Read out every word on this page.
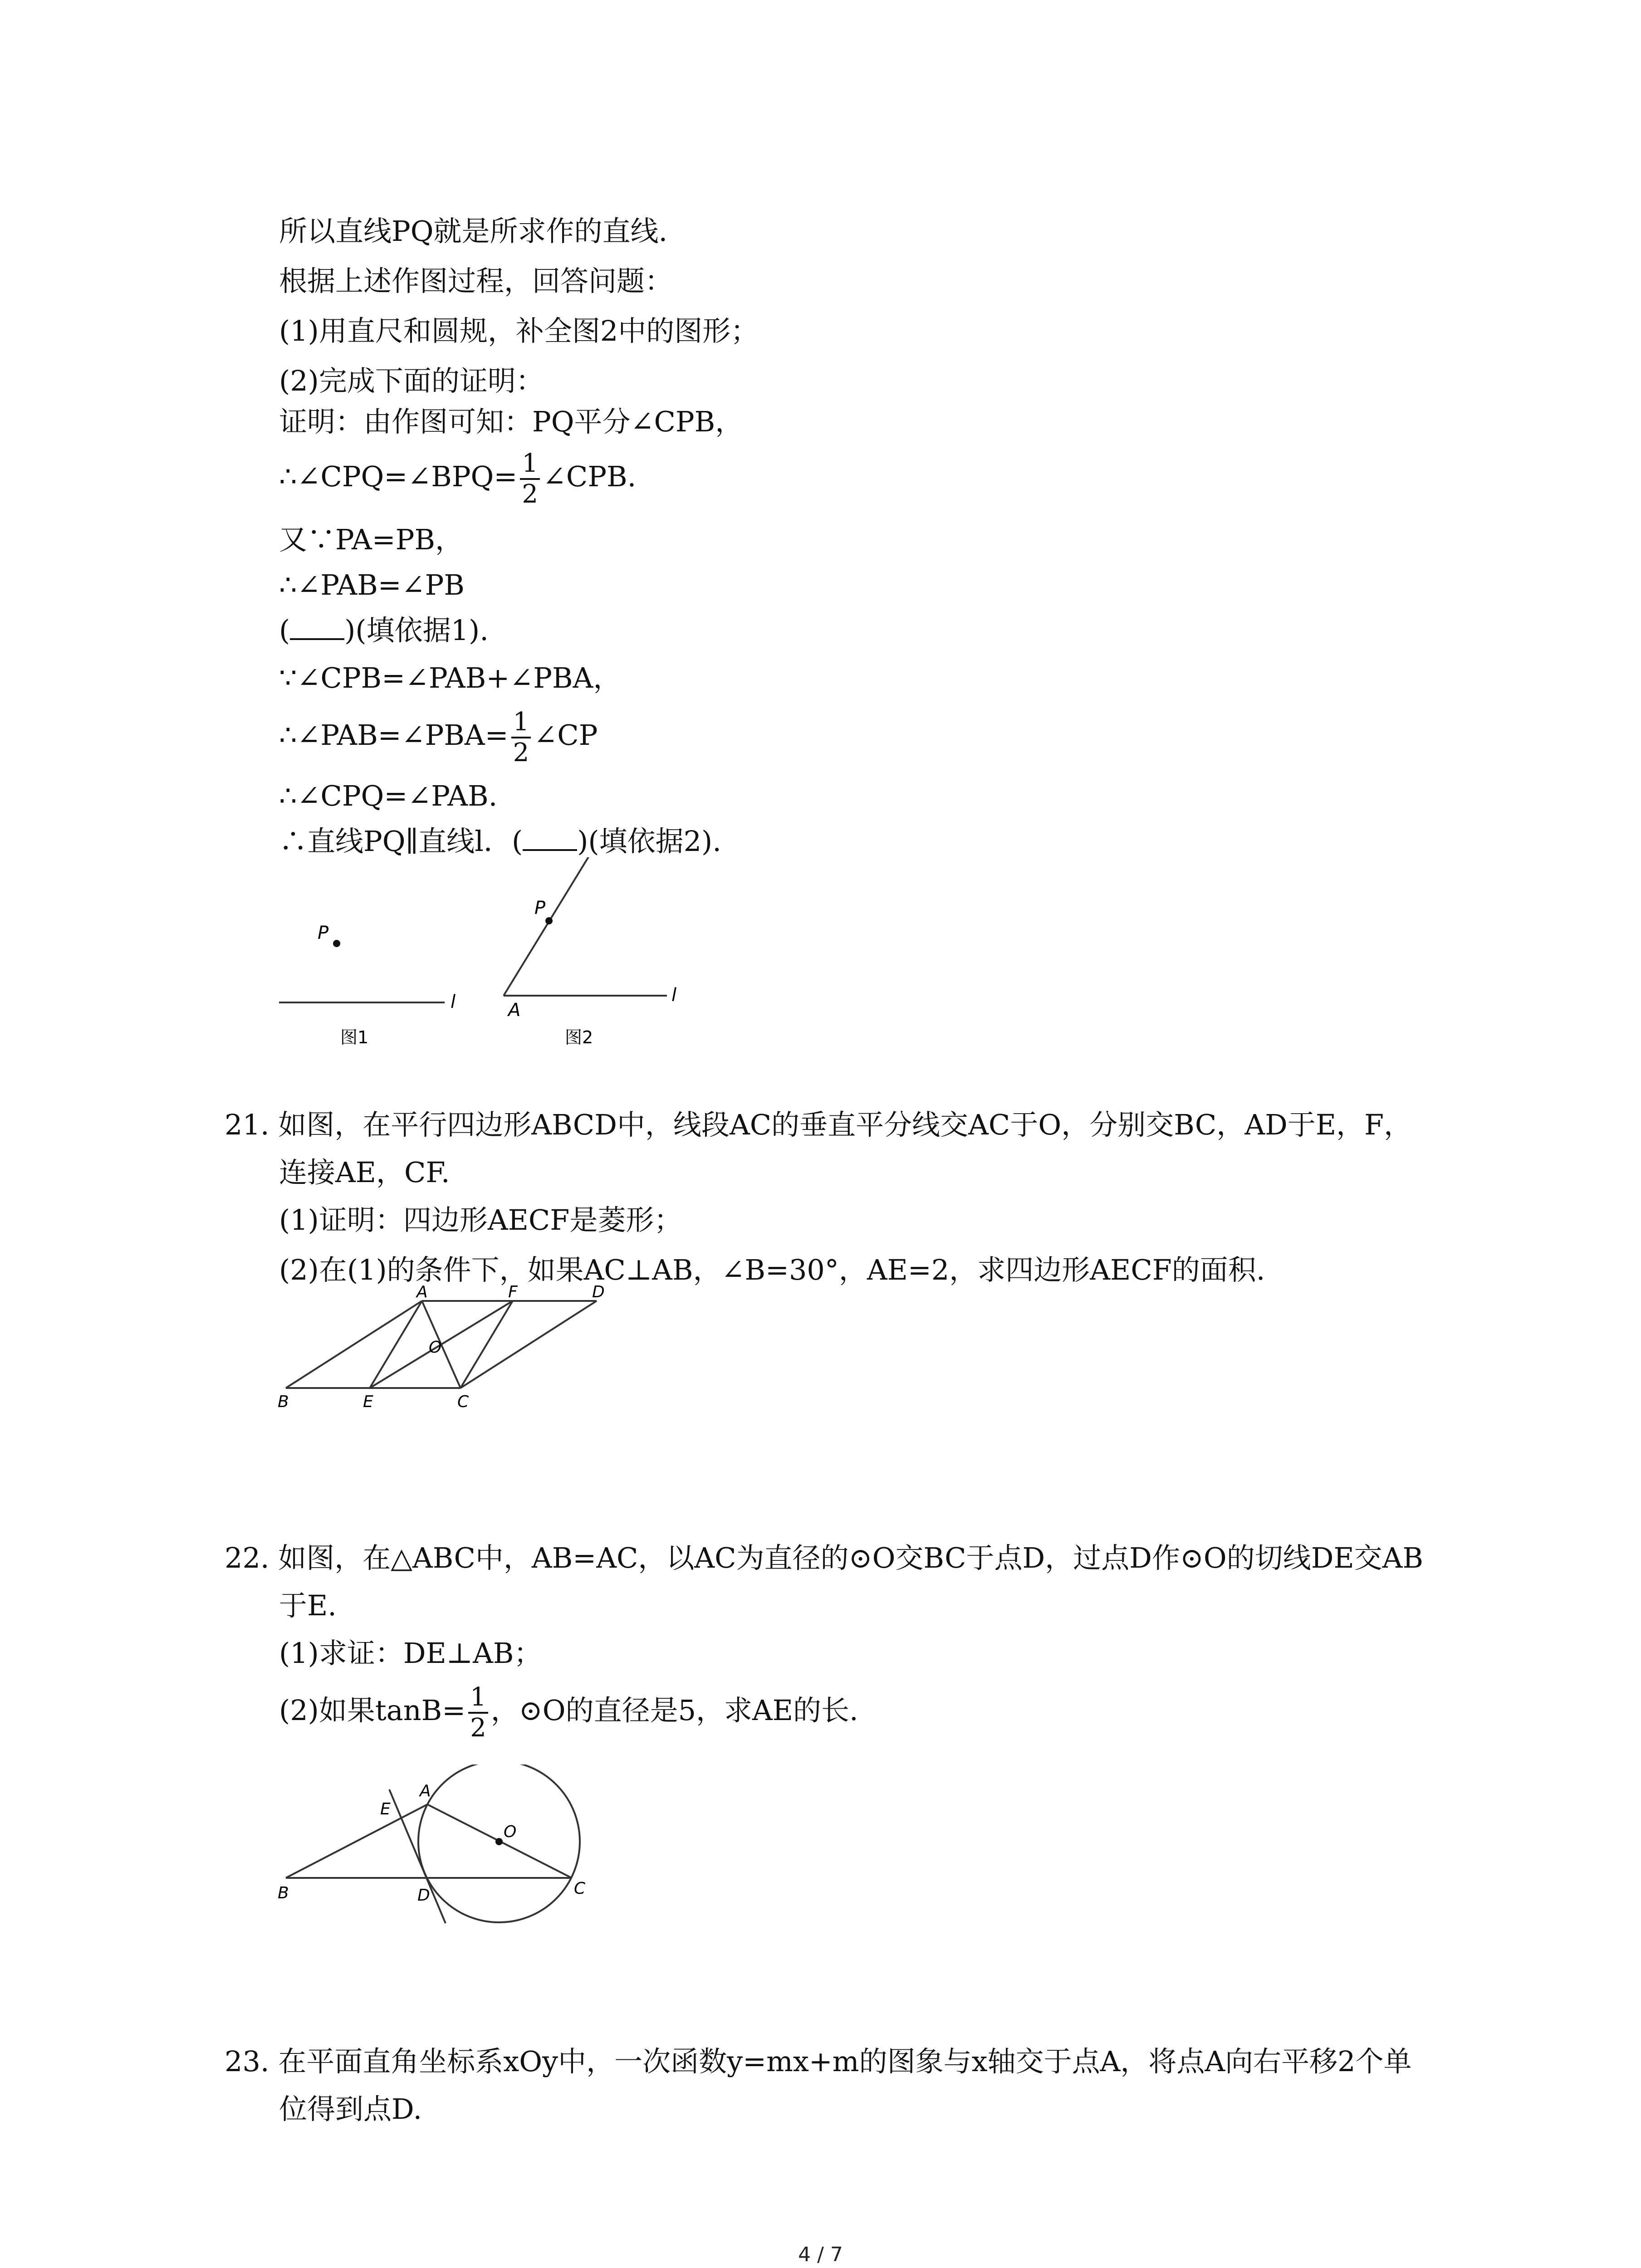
所以直线PQ就是所求作的直线.
根据上述作图过程，回答问题：
(1)用直尺和圆规，补全图2中的图形；
(2)完成下面的证明：
证明：由作图可知：PQ平分∠CPB，
∴∠CPQ=∠BPQ= $\frac{1}{2}$ ∠CPB.
又∵PA=PB，
∴∠PAB=∠PB
( )(填依据1).
∵∠CPB=∠PAB+∠PBA，
∴∠PAB=∠PBA= $\frac{1}{2}$ ∠CP
∴∠CPQ=∠PAB.
∴直线PQ∥直线l．( )(填依据2).
P
l
图1
P
A
l
图2
21. 如图，在平行四边形ABCD中，线段AC的垂直平分线交AC于O，分别交BC，AD于E，F，
连接AE，CF.
(1)证明：四边形AECF是菱形；
(2)在(1)的条件下，如果AC⊥AB，∠B=30°，AE=2，求四边形AECF的面积.
A	F	D
O
B	E	C
22. 如图，在△ABC中，AB=AC，以AC为直径的⊙O交BC于点D，过点D作⊙O的切线DE交AB
于E.
(1)求证：DE⊥AB；
(2)如果$\tan B= \frac{1}{2}$ ，⊙O的直径是5，求AE的长.
A
E
O
B	D	C
23. 在平面直角坐标系xOy中，一次函数y=mx+m的图象与x轴交于点A，将点A向右平移2个单
位得到点D.
4 / 7
